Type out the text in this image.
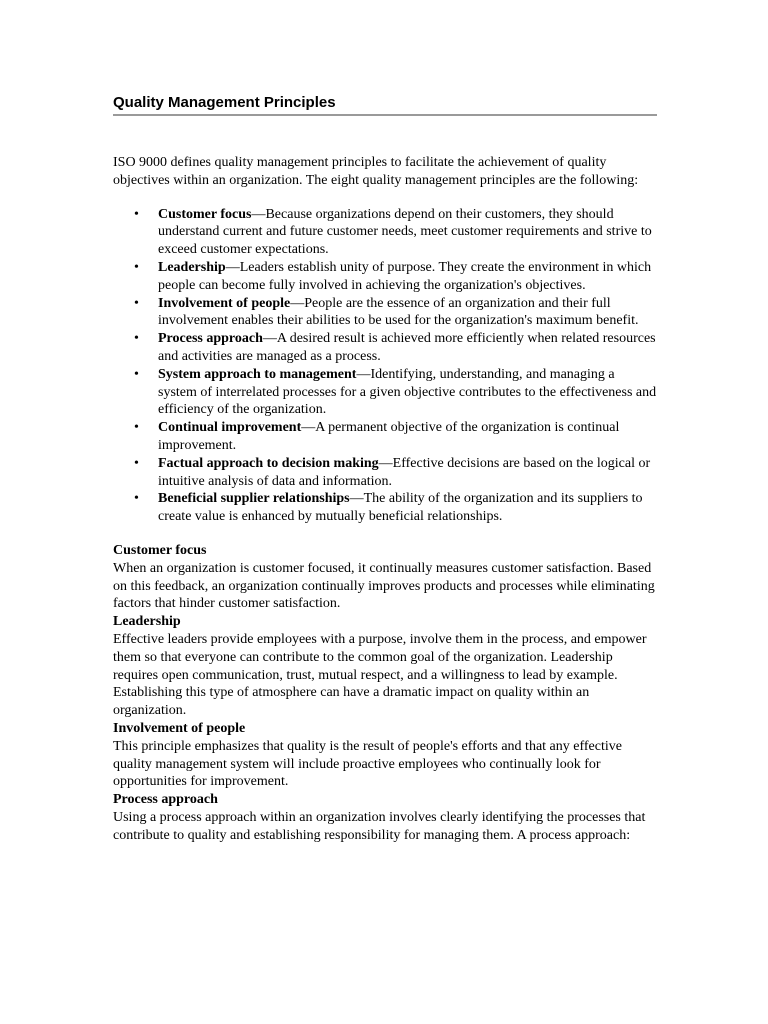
Quality Management Principles

ISO 9000 defines quality management principles to facilitate the achievement of quality objectives within an organization. The eight quality management principles are the following:

• Customer focus—Because organizations depend on their customers, they should understand current and future customer needs, meet customer requirements and strive to exceed customer expectations.
• Leadership—Leaders establish unity of purpose. They create the environment in which people can become fully involved in achieving the organization's objectives.
• Involvement of people—People are the essence of an organization and their full involvement enables their abilities to be used for the organization's maximum benefit.
• Process approach—A desired result is achieved more efficiently when related resources and activities are managed as a process.
• System approach to management—Identifying, understanding, and managing a system of interrelated processes for a given objective contributes to the effectiveness and efficiency of the organization.
• Continual improvement—A permanent objective of the organization is continual improvement.
• Factual approach to decision making—Effective decisions are based on the logical or intuitive analysis of data and information.
• Beneficial supplier relationships—The ability of the organization and its suppliers to create value is enhanced by mutually beneficial relationships.

Customer focus

When an organization is customer focused, it continually measures customer satisfaction. Based on this feedback, an organization continually improves products and processes while eliminating factors that hinder customer satisfaction.

Leadership

Effective leaders provide employees with a purpose, involve them in the process, and empower them so that everyone can contribute to the common goal of the organization. Leadership requires open communication, trust, mutual respect, and a willingness to lead by example. Establishing this type of atmosphere can have a dramatic impact on quality within an organization.

Involvement of people

This principle emphasizes that quality is the result of people's efforts and that any effective quality management system will include proactive employees who continually look for opportunities for improvement.

Process approach

Using a process approach within an organization involves clearly identifying the processes that contribute to quality and establishing responsibility for managing them. A process approach:
